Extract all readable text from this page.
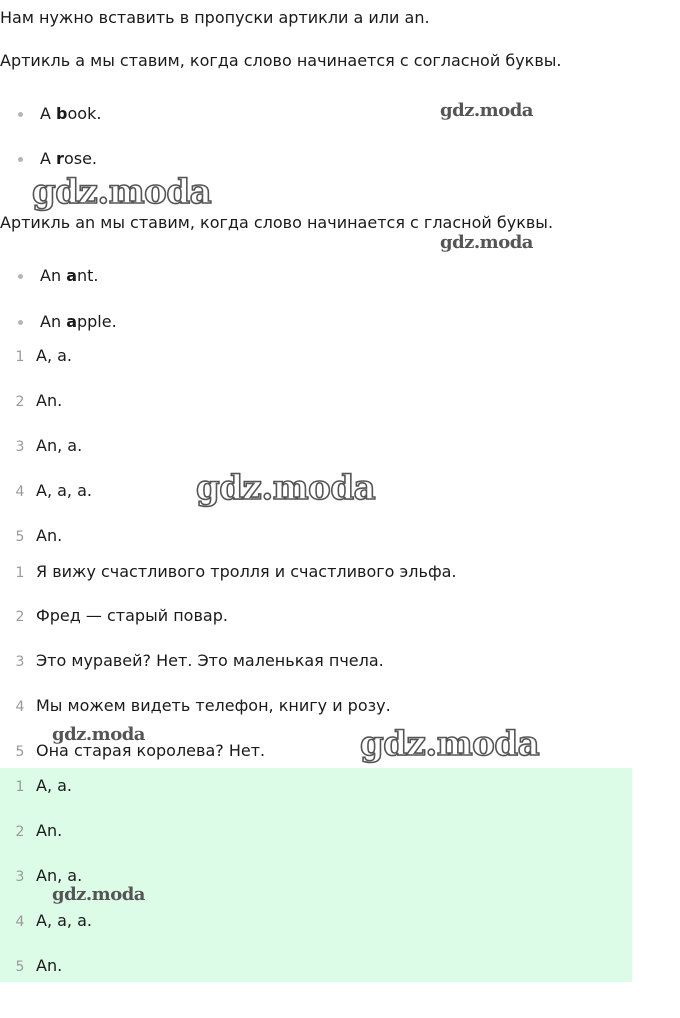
Нам нужно вставить в пропуски артикли a или an.

Артикль a мы ставим, когда слово начинается с согласной буквы.

A book.
A rose.

Артикль an мы ставим, когда слово начинается с гласной буквы.

An ant.
An apple.
1 A, a.
2 An.
3 An, a.
4 A, a, a.
5 An.
1 Я вижу счастливого тролля и счастливого эльфа.
2 Фред — старый повар.
3 Это муравей? Нет. Это маленькая пчела.
4 Мы можем видеть телефон, книгу и розу.
5 Она старая королева? Нет.
1 A, a.
2 An.
3 An, a.
4 A, a, a.
5 An.
gdz.moda
gdz.moda
gdz.moda
gdz.moda
gdz.moda	gdz.moda
gdz.moda
